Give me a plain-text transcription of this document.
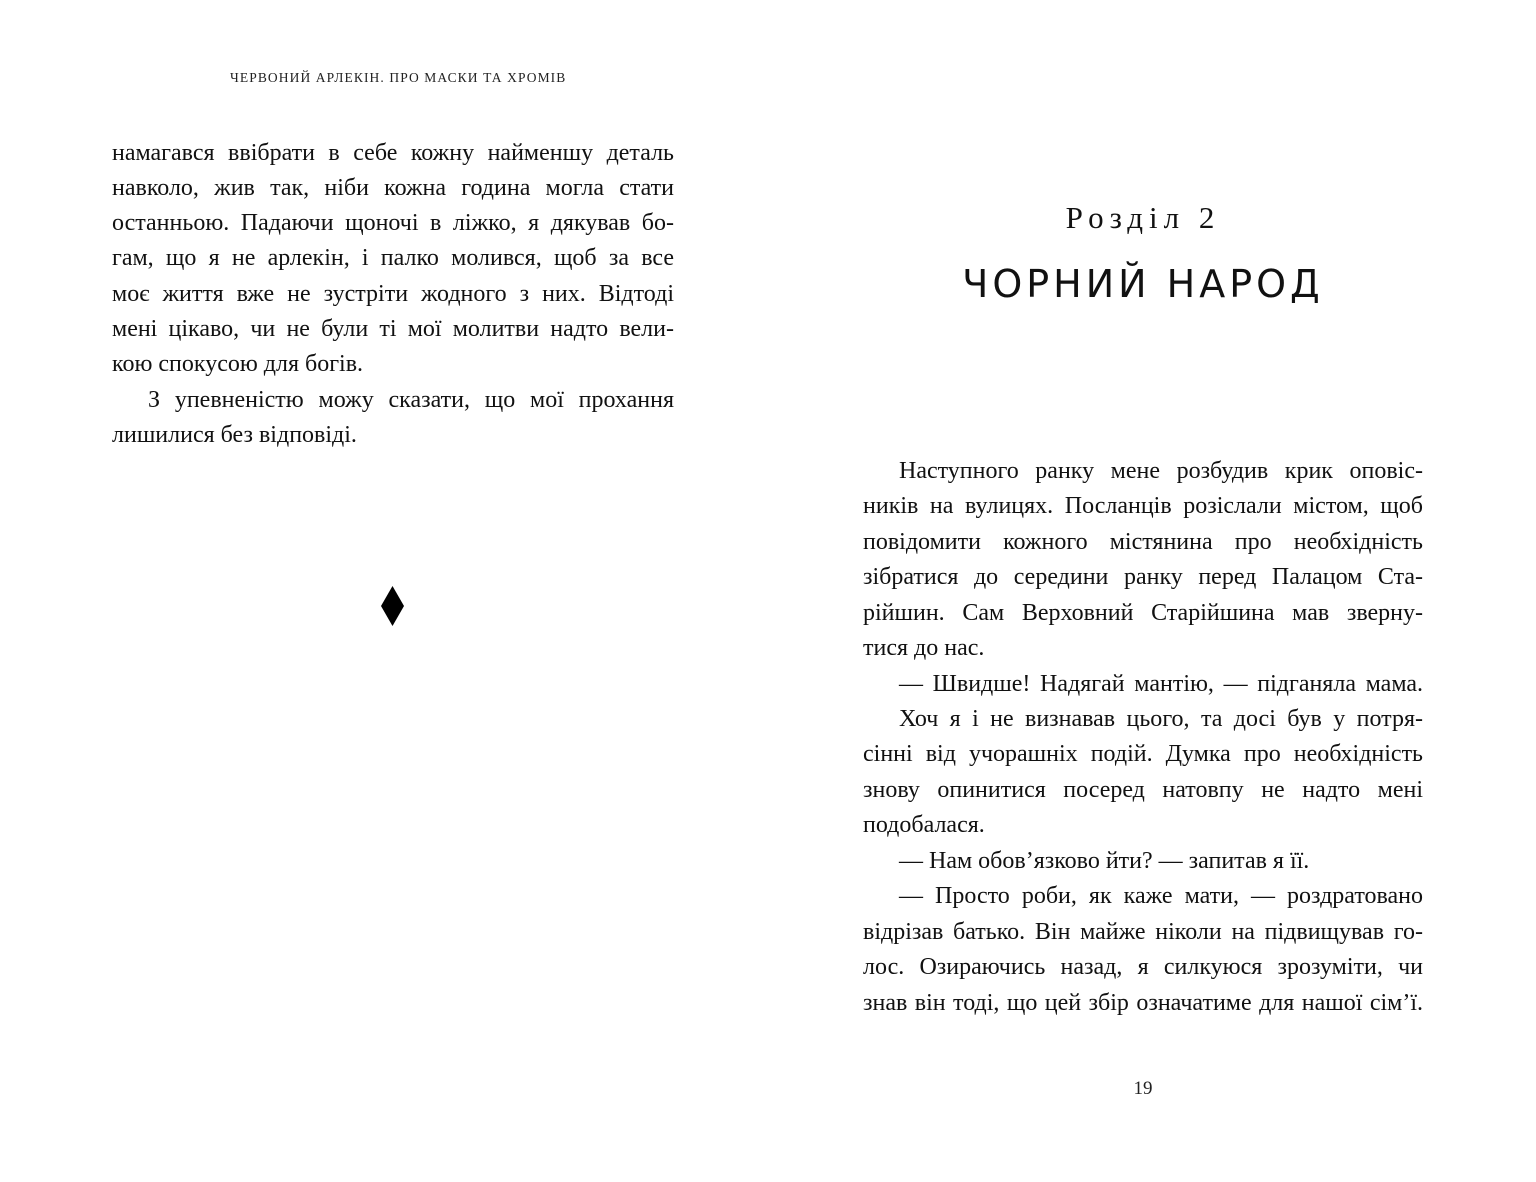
ЧЕРВОНИЙ АРЛЕКІН. ПРО МАСКИ ТА ХРОМІВ
намагався ввібрати в себе кожну найменшу деталь
навколо, жив так, ніби кожна година могла стати
останньою. Падаючи щоночі в ліжко, я дякував бо-
гам, що я не арлекін, і палко молився, щоб за все
моє життя вже не зустріти жодного з них. Відтоді
мені цікаво, чи не були ті мої молитви надто вели-
кою спокусою для богів.
З упевненістю можу сказати, що мої прохання
лишилися без відповіді.
Розділ 2
ЧОРНИЙ НАРОД
Наступного ранку мене розбудив крик оповіс-
ників на вулицях. Посланців розіслали містом, щоб
повідомити кожного містянина про необхідність
зібратися до середини ранку перед Палацом Ста-
рійшин. Сам Верховний Старійшина мав зверну-
тися до нас.
— Швидше! Надягай мантію, — підганяла мама.
Хоч я і не визнавав цього, та досі був у потря-
сінні від учорашніх подій. Думка про необхідність
знову опинитися посеред натовпу не надто мені
подобалася.
— Нам обов’язково йти? — запитав я її.
— Просто роби, як каже мати, — роздратовано
відрізав батько. Він майже ніколи на підвищував го-
лос. Озираючись назад, я силкуюся зрозуміти, чи
знав він тоді, що цей збір означатиме для нашої сім’ї.
19
